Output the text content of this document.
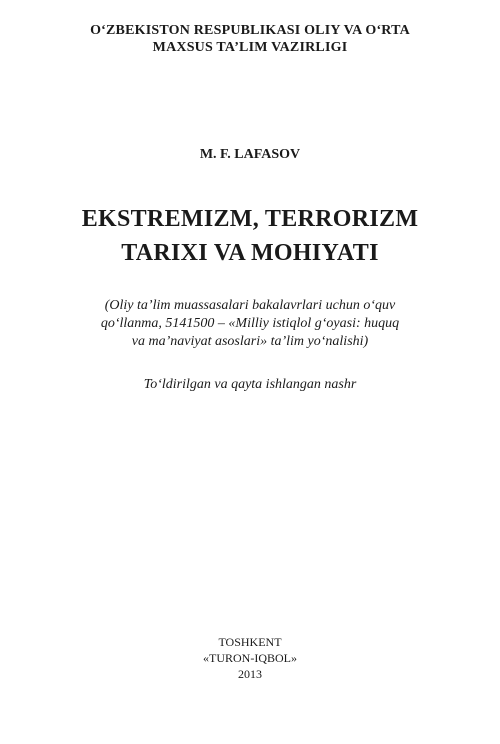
O‘ZBEKISTON RESPUBLIKASI OLIY VA O‘RTA
MAXSUS TA’LIM VAZIRLIGI
M. F. LAFASOV
EKSTREMIZM, TERRORIZM
TARIXI VA MOHIYATI
(Oliy ta’lim muassasalari bakalavrlari uchun o‘quv
qo‘llanma, 5141500 – «Milliy istiqlol g‘oyasi: huquq
va ma’naviyat asoslari» ta’lim yo‘nalishi)
To‘ldirilgan va qayta ishlangan nashr
TOSHKENT
«TURON-IQBOL»
2013
